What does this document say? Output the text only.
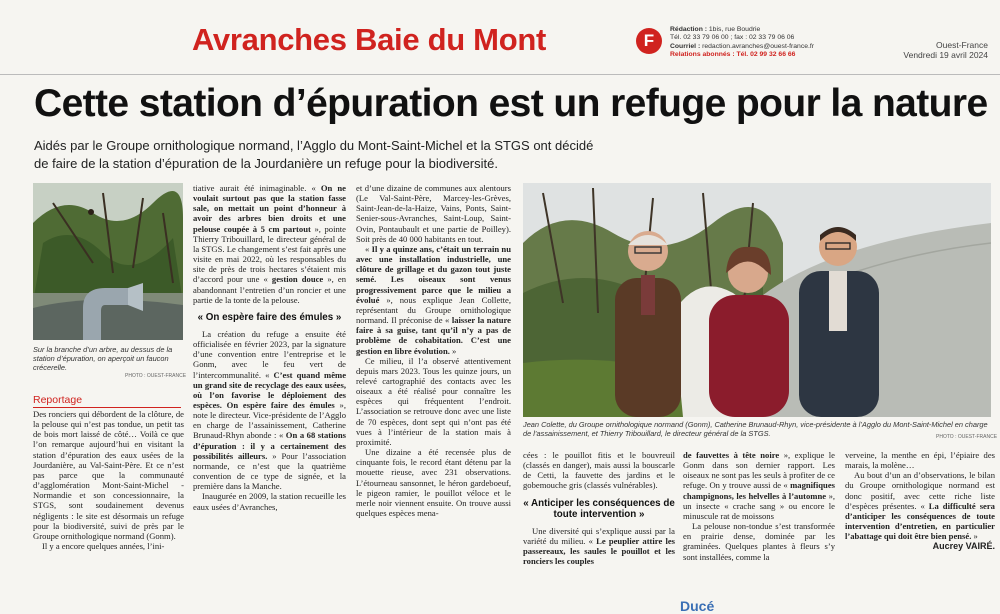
Avranches Baie du Mont	F
Rédaction : 1bis, rue Boudrie
Tél. 02 33 79 06 00 ; fax : 02 33 79 06 06
Courriel : redaction.avranches@ouest-france.fr
Relations abonnés : Tél. 02 99 32 66 66
Ouest-France
Vendredi 19 avril 2024
Cette station d’épuration est un refuge pour la nature
Aidés par le Groupe ornithologique normand, l’Agglo du Mont-Saint-Michel et la STGS ont décidé de faire de la station d’épuration de la Jourdanière un refuge pour la biodiversité.
Sur la branche d’un arbre, au dessus de la station d’épuration, on aperçoit un faucon crécerelle.
PHOTO : OUEST-FRANCE
Reportage

Des ronciers qui débordent de la clôture, de la pelouse qui n’est pas tondue, un petit tas de bois mort laissé de côté… Voilà ce que l’on remarque aujourd’hui en visitant la station d’épuration des eaux usées de la Jourdanière, au Val-Saint-Père. Et ce n’est pas parce que la communauté d’agglomération Mont-Saint-Michel - Normandie et son concessionnaire, la STGS, sont soudainement devenus négligents : le site est désormais un refuge pour la biodiversité, suivi de près par le Groupe ornithologique normand (Gonm).

Il y a encore quelques années, l’ini-

tiative aurait été inimaginable. « On ne voulait surtout pas que la station fasse sale, on mettait un point d’honneur à avoir des arbres bien droits et une pelouse coupée à 5 cm partout », pointe Thierry Tribouillard, le directeur général de la STGS. Le changement s’est fait après une visite en mai 2022, où les responsables du site de près de trois hectares s’étaient mis d’accord pour une « gestion douce », en abandonnant l’entretien d’un roncier et une partie de la tonte de la pelouse.

« On espère faire des émules »

La création du refuge a ensuite été officialisée en février 2023, par la signature d’une convention entre l’entreprise et le Gonm, avec le feu vert de l’intercommunalité. « C’est quand même un grand site de recyclage des eaux usées, où l’on favorise le déploiement des espèces. On espère faire des émules », note le directeur. Vice-présidente de l’Agglo en charge de l’assainissement, Catherine Brunaud-Rhyn abonde : « On a 68 stations d’épuration : il y a certainement des possibilités ailleurs. » Pour l’association normande, ce n’est que la quatrième convention de ce type de signée, et la première dans la Manche.

Inaugurée en 2009, la station recueille les eaux usées d’Avranches,

et d’une dizaine de communes aux alentours (Le Val-Saint-Père, Marcey-les-Grèves, Saint-Jean-de-la-Haize, Vains, Ponts, Saint-Senier-sous-Avranches, Saint-Loup, Saint-Ovin, Pontaubault et une partie de Poilley). Soit près de 40 000 habitants en tout.

« Il y a quinze ans, c’était un terrain nu avec une installation industrielle, une clôture de grillage et du gazon tout juste semé. Les oiseaux sont venus progressivement parce que le milieu a évolué », nous explique Jean Collette, représentant du Groupe ornithologique normand. Il préconise de « laisser la nature faire à sa guise, tant qu’il n’y a pas de problème de cohabitation. C’est une gestion en libre évolution. »

Ce milieu, il l’a observé attentivement depuis mars 2023. Tous les quinze jours, un relevé cartographié des contacts avec les oiseaux a été réalisé pour connaître les espèces qui fréquentent l’endroit. L’association se retrouve donc avec une liste de 70 espèces, dont sept qui n’ont pas été vues à l’intérieur de la station mais à proximité.

Une dizaine a été recensée plus de cinquante fois, le record étant détenu par la mouette rieuse, avec 231 observations. L’étourneau sansonnet, le héron gardeboeuf, le pigeon ramier, le pouillot véloce et le merle noir viennent ensuite. On trouve aussi quelques espèces mena-

Jean Colette, du Groupe ornithologique normand (Gonm), Catherine Brunaud-Rhyn, vice-présidente à l’Agglo du Mont-Saint-Michel en charge de l’assainissement, et Thierry Tribouillard, le directeur général de la STGS.	PHOTO : OUEST-FRANCE

cées : le pouillot fitis et le bouvreuil (classés en danger), mais aussi la bouscarle de Cetti, la fauvette des jardins et le gobemouche gris (classés vulnérables).

« Anticiper les conséquences de toute intervention »

Une diversité qui s’explique aussi par la variété du milieu. « Le peuplier attire les passereaux, les saules le pouillot et les ronciers les couples

de fauvettes à tête noire », explique le Gonm dans son dernier rapport. Les oiseaux ne sont pas les seuls à profiter de ce refuge. On y trouve aussi de « magnifiques champignons, les helvelles à l’automne », un insecte « crache sang » ou encore le minuscule rat de moissons

La pelouse non-tondue s’est transformée en prairie dense, dominée par les graminées. Quelques plantes à fleurs s’y sont installées, comme la

verveine, la menthe en épi, l’épiaire des marais, la molène…

Au bout d’un an d’observations, le bilan du Groupe ornithologique normand est donc positif, avec cette riche liste d’espèces présentes. « La difficulté sera d’anticiper les conséquences de toute intervention d’entretien, en particulier l’abattage qui doit être bien pensé. »

Aucrey VAIRÉ.
Ducé
